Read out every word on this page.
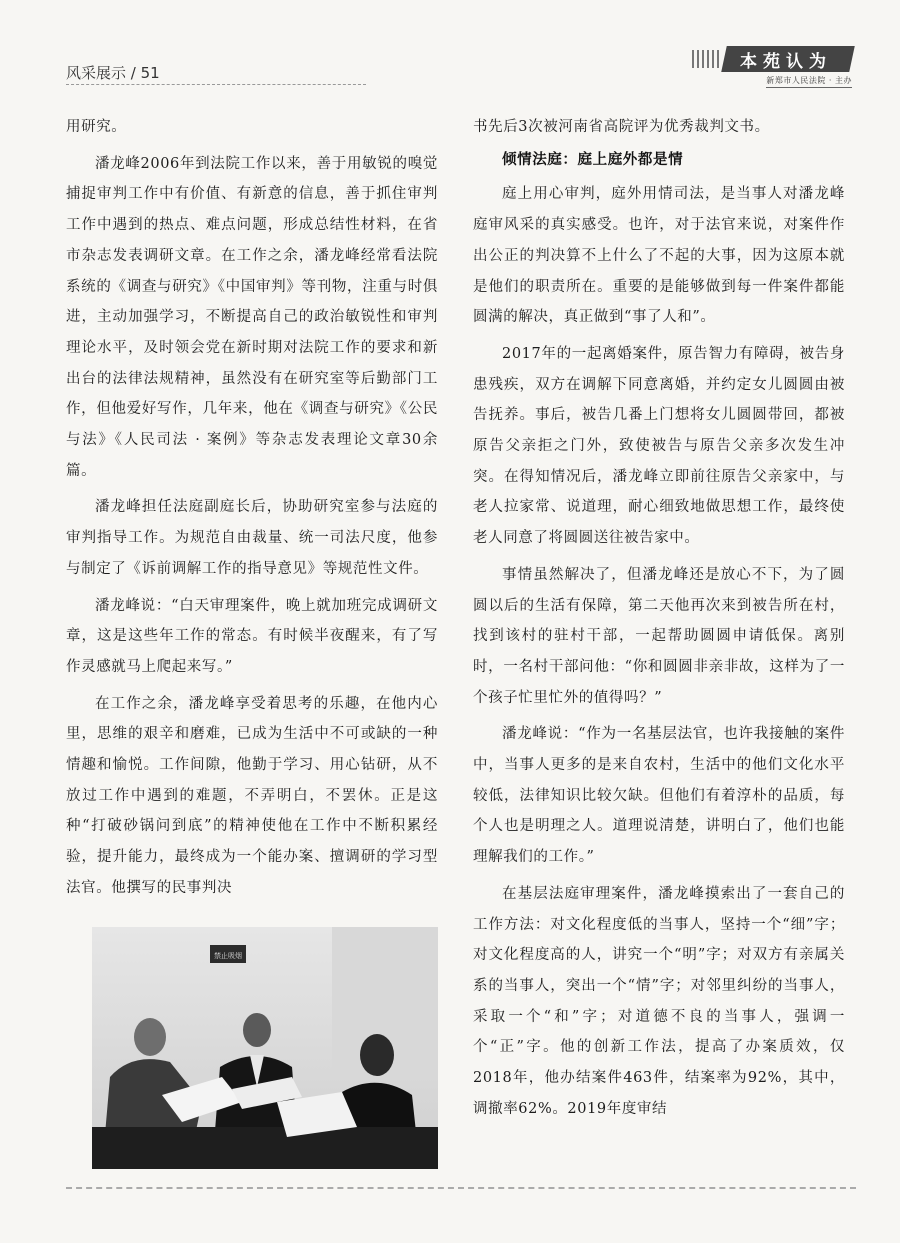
风采展示 / 51
本苑认为
新郑市人民法院 · 主办

用研究。

潘龙峰2006年到法院工作以来，善于用敏锐的嗅觉捕捉审判工作中有价值、有新意的信息，善于抓住审判工作中遇到的热点、难点问题，形成总结性材料，在省市杂志发表调研文章。在工作之余，潘龙峰经常看法院系统的《调查与研究》《中国审判》等刊物，注重与时俱进，主动加强学习，不断提高自己的政治敏锐性和审判理论水平，及时领会党在新时期对法院工作的要求和新出台的法律法规精神，虽然没有在研究室等后勤部门工作，但他爱好写作，几年来，他在《调查与研究》《公民与法》《人民司法 · 案例》等杂志发表理论文章30余篇。

潘龙峰担任法庭副庭长后，协助研究室参与法庭的审判指导工作。为规范自由裁量、统一司法尺度，他参与制定了《诉前调解工作的指导意见》等规范性文件。

潘龙峰说：“白天审理案件，晚上就加班完成调研文章，这是这些年工作的常态。有时候半夜醒来，有了写作灵感就马上爬起来写。”

在工作之余，潘龙峰享受着思考的乐趣，在他内心里，思维的艰辛和磨难，已成为生活中不可或缺的一种情趣和愉悦。工作间隙，他勤于学习、用心钻研，从不放过工作中遇到的难题，不弄明白，不罢休。正是这种“打破砂锅问到底”的精神使他在工作中不断积累经验，提升能力，最终成为一个能办案、擅调研的学习型法官。他撰写的民事判决

禁止吸烟

书先后3次被河南省高院评为优秀裁判文书。

倾情法庭：庭上庭外都是情

庭上用心审判，庭外用情司法，是当事人对潘龙峰庭审风采的真实感受。也许，对于法官来说，对案件作出公正的判决算不上什么了不起的大事，因为这原本就是他们的职责所在。重要的是能够做到每一件案件都能圆满的解决，真正做到“事了人和”。

2017年的一起离婚案件，原告智力有障碍，被告身患残疾，双方在调解下同意离婚，并约定女儿圆圆由被告抚养。事后，被告几番上门想将女儿圆圆带回，都被原告父亲拒之门外，致使被告与原告父亲多次发生冲突。在得知情况后，潘龙峰立即前往原告父亲家中，与老人拉家常、说道理，耐心细致地做思想工作，最终使老人同意了将圆圆送往被告家中。

事情虽然解决了，但潘龙峰还是放心不下，为了圆圆以后的生活有保障，第二天他再次来到被告所在村，找到该村的驻村干部，一起帮助圆圆申请低保。离别时，一名村干部问他：“你和圆圆非亲非故，这样为了一个孩子忙里忙外的值得吗？”

潘龙峰说：“作为一名基层法官，也许我接触的案件中，当事人更多的是来自农村，生活中的他们文化水平较低，法律知识比较欠缺。但他们有着淳朴的品质，每个人也是明理之人。道理说清楚，讲明白了，他们也能理解我们的工作。”

在基层法庭审理案件，潘龙峰摸索出了一套自己的工作方法：对文化程度低的当事人，坚持一个“细”字；对文化程度高的人，讲究一个“明”字；对双方有亲属关系的当事人，突出一个“情”字；对邻里纠纷的当事人，采取一个“和”字；对道德不良的当事人，强调一个“正”字。他的创新工作法，提高了办案质效，仅2018年，他办结案件463件，结案率为92%，其中，调撤率62%。2019年度审结
